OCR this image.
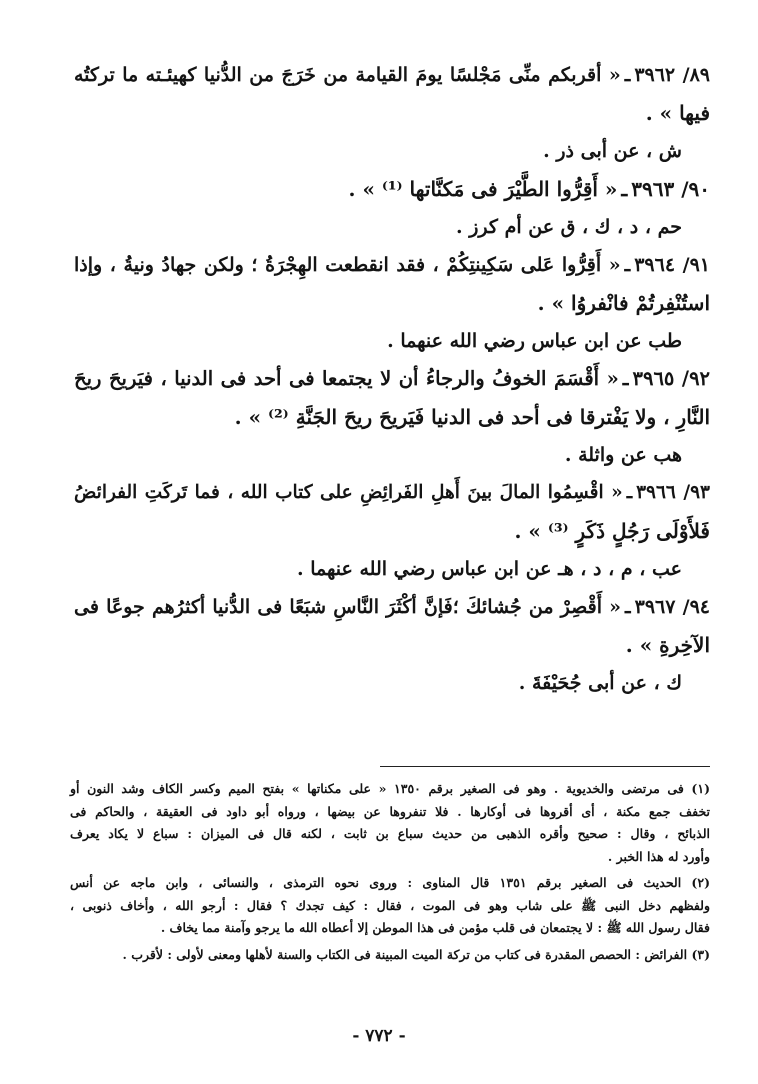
٨٩/ ٣٩٦٢ـ« أقربكم منِّى مَجْلسًا يومَ القيامة من خَرَجَ من الدُّنيا كهيئـته ما تركتُه
فيها » .
ش ، عن أبى ذر .
٩٠/ ٣٩٦٣ـ« أَقِرُّوا الطَّيْرَ فى مَكنَّاتها ⁽¹⁾ » .
حم ، د ، ك ، ق عن أم كرز .
٩١/ ٣٩٦٤ـ« أَقِرُّوا عَلى سَكِينتِكُمْ ، فقد انقطعت الهِجْرَةُ ؛ ولكن جهادُ ونيةُ ، وإذا
استُنْفِرتُمْ فانْفروُا » .
طب عن ابن عباس رضي الله عنهما .
٩٢/ ٣٩٦٥ـ« أَقْسَمَ الخوفُ والرجاءُ أن لا يجتمعا فى أحد فى الدنيا ، فيَريحَ ريحَ
النَّارِ ، ولا يَفْترقا فى أحد فى الدنيا فَيَريحَ ريحَ الجَنَّةِ ⁽²⁾ » .
هب عن واثلة .
٩٣/ ٣٩٦٦ـ« اقْسِمُوا المالَ بينَ أَهلِ الفَرائِضِ على كتاب الله ، فما تَركَتِ الفرائضُ
فَلأَوْلَى رَجُلٍ ذَكَرٍ ⁽³⁾ » .
عب ، م ، د ، هـ عن ابن عباس رضي الله عنهما .
٩٤/ ٣٩٦٧ـ« أَقْصِرْ من جُشائكَ ؛فَإنَّ أكْثَرَ النَّاسِ شبَعًا فى الدُّنيا أكثرُهم جوعًا فى
الآخِرةِ » .
ك ، عن أبى جُحَيْفَةَ .
(١) فى مرتضى والخديوية . وهو فى الصغير برقم ١٣٥٠ « على مكناتها » بفتح الميم وكسر الكاف وشد النون أو
تخفف جمع مكنة ، أى أقروها فى أوكارها . فلا تنفروها عن بيضها ، ورواه أبو داود فى العقيقة ، والحاكم فى
الذبائح ، وقال : صحيح وأقره الذهبى من حديث سباع بن ثابت ، لكنه قال فى الميزان : سباع لا يكاد يعرف
وأورد له هذا الخبر .
(٢) الحديث فى الصغير برقم ١٣٥١ قال المناوى : وروى نحوه الترمذى ، والنسائى ، وابن ماجه عن أنس
ولفظهم دخل النبى ﷺ على شاب وهو فى الموت ، فقال : كيف تجدك ؟ فقال : أرجو الله ، وأخاف ذنوبى ،
فقال رسول الله ﷺ : لا يجتمعان فى قلب مؤمن فى هذا الموطن إلا أعطاه الله ما يرجو وآمنة مما يخاف .
(٣) الفرائض : الحصص المقدرة فى كتاب من تركة الميت المبينة فى الكتاب والسنة لأهلها ومعنى لأولى : لأقرب .
- ٧٧٢ -
